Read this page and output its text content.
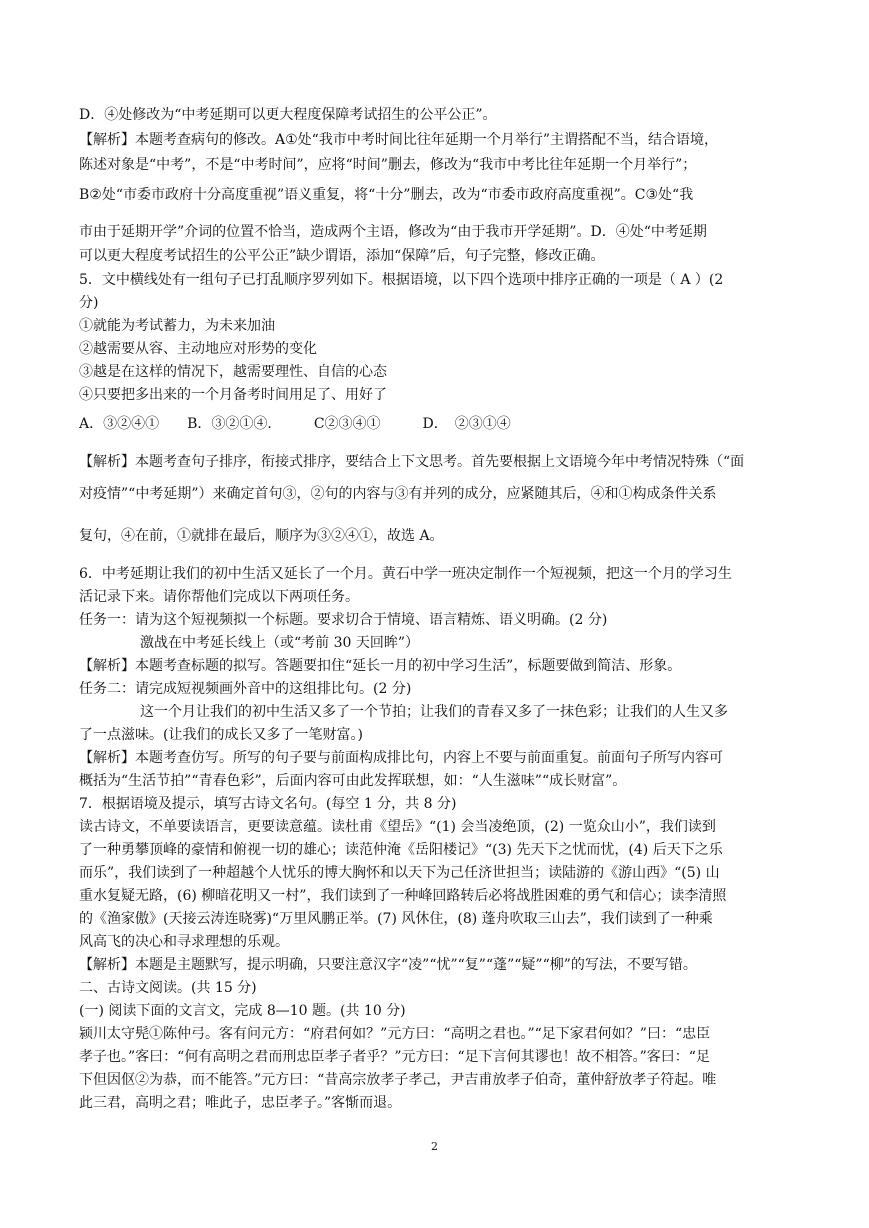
D．④处修改为“中考延期可以更大程度保障考试招生的公平公正”。
【解析】本题考查病句的修改。A①处“我市中考时间比往年延期一个月举行”主谓搭配不当，结合语境，
陈述对象是“中考”，不是“中考时间”，应将“时间”删去，修改为“我市中考比往年延期一个月举行”；
B②处“市委市政府十分高度重视”语义重复，将“十分”删去，改为“市委市政府高度重视”。C③处“我
市由于延期开学”介词的位置不恰当，造成两个主语，修改为“由于我市开学延期”。D．④处“中考延期
可以更大程度考试招生的公平公正”缺少谓语，添加“保障”后，句子完整，修改正确。
5．文中横线处有一组句子已打乱顺序罗列如下。根据语境，以下四个选项中排序正确的一项是（ A ）(2
分)
①就能为考试蓄力，为未来加油
②越需要从容、主动地应对形势的变化
③越是在这样的情况下，越需要理性、自信的心态
④只要把多出来的一个月备考时间用足了、用好了
A．③②④①　　B．③②①④.　　　C②③④①　　　D．　②③①④
【解析】本题考查句子排序，衔接式排序，要结合上下文思考。首先要根据上文语境今年中考情况特殊（“面
对疫情”“中考延期”）来确定首句③，②句的内容与③有并列的成分，应紧随其后，④和①构成条件关系
复句，④在前，①就排在最后，顺序为③②④①，故选 A。
6．中考延期让我们的初中生活又延长了一个月。黄石中学一班决定制作一个短视频，把这一个月的学习生
活记录下来。请你帮他们完成以下两项任务。
任务一：请为这个短视频拟一个标题。要求切合于情境、语言精炼、语义明确。(2 分)
激战在中考延长线上（或“考前 30 天回眸”）
【解析】本题考查标题的拟写。答题要扣住“延长一月的初中学习生活”，标题要做到简洁、形象。
任务二：请完成短视频画外音中的这组排比句。(2 分)
这一个月让我们的初中生活又多了一个节拍；让我们的青春又多了一抹色彩；让我们的人生又多
了一点滋味。(让我们的成长又多了一笔财富。)
【解析】本题考查仿写。所写的句子要与前面构成排比句，内容上不要与前面重复。前面句子所写内容可
概括为“生活节拍”“青春色彩”，后面内容可由此发挥联想，如：“人生滋味”“成长财富”。
7．根据语境及提示，填写古诗文名句。(每空 1 分，共 8 分)
读古诗文，不单要读语言，更要读意蕴。读杜甫《望岳》“(1) 会当凌绝顶，(2) 一览众山小”，我们读到
了一种勇攀顶峰的豪情和俯视一切的雄心；读范仲淹《岳阳楼记》“(3) 先天下之忧而忧，(4) 后天下之乐
而乐”，我们读到了一种超越个人忧乐的博大胸怀和以天下为己任济世担当；读陆游的《游山西》“(5) 山
重水复疑无路，(6) 柳暗花明又一村”，我们读到了一种峰回路转后必将战胜困难的勇气和信心；读李清照
的《渔家傲》(天接云涛连晓雾)“万里风鹏正举。(7) 风休住，(8) 蓬舟吹取三山去”，我们读到了一种乘
风高飞的决心和寻求理想的乐观。
【解析】本题是主题默写，提示明确，只要注意汉字“凌”“忧”“复”“蓬”“疑”“柳”的写法，不要写错。
二、古诗文阅读。(共 15 分)
(一) 阅读下面的文言文，完成 8—10 题。(共 10 分)
颍川太守髡①陈仲弓。客有问元方：“府君何如？”元方曰：“高明之君也。”“足下家君何如？”曰：“忠臣
孝子也。”客曰：“何有高明之君而刑忠臣孝子者乎？”元方曰：“足下言何其谬也！故不相答。”客曰：“足
下但因伛②为恭，而不能答。”元方曰：“昔高宗放孝子孝己，尹吉甫放孝子伯奇，董仲舒放孝子符起。唯
此三君，高明之君；唯此子，忠臣孝子。”客惭而退。
2
